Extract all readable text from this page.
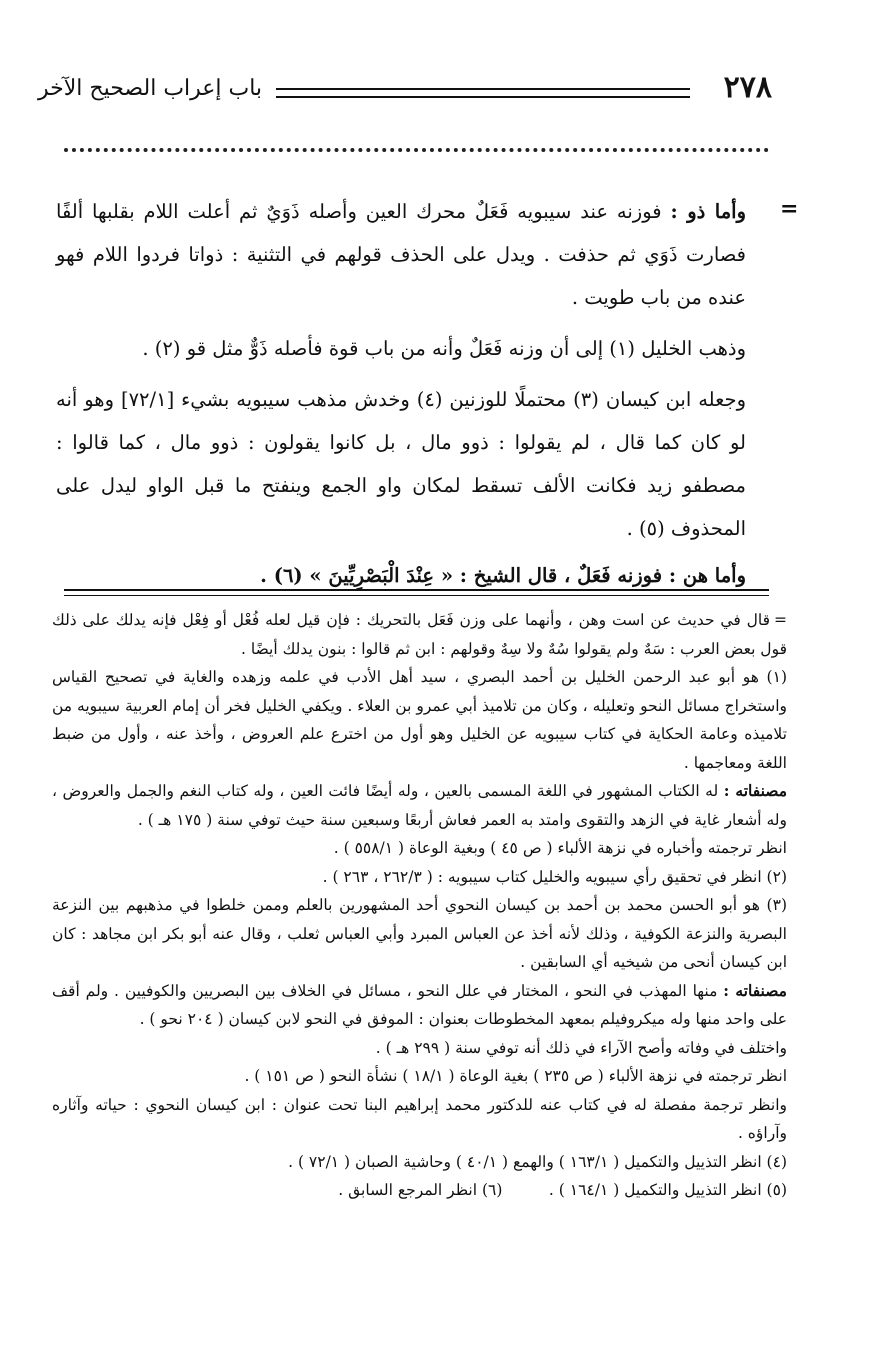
٢٧٨
باب إعراب الصحيح الآخر
=

وأما ذو : فوزنه عند سيبويه فَعَلٌ محرك العين وأصله ذَوَيٌ ثم أعلت اللام بقلبها ألفًا فصارت ذَوَي ثم حذفت . ويدل على الحذف قولهم في التثنية : ذواتا فردوا اللام فهو عنده من باب طويت .

وذهب الخليل (١) إلى أن وزنه فَعَلٌ وأنه من باب قوة فأصله ذَوٌّ مثل قو (٢) .

وجعله ابن كيسان (٣) محتملًا للوزنين (٤) وخدش مذهب سيبويه بشيء [٧٢/١] وهو أنه لو كان كما قال ، لم يقولوا : ذوو مال ، بل كانوا يقولون : ذوو مال ، كما قالوا : مصطفو زيد فكانت الألف تسقط لمكان واو الجمع وينفتح ما قبل الواو ليدل على المحذوف (٥) .

وأما هن : فوزنه فَعَلٌ ، قال الشيخ : « عِنْدَ الْبَصْرِيِّينَ » (٦) .

=قال في حديث عن است وهن ، وأنهما على وزن فَعَل بالتحريك : فإن قيل لعله فُعْل أو فِعْل فإنه يدلك على ذلك قول بعض العرب : سَهٌ ولم يقولوا سُهٌ ولا سِهٌ وقولهم : ابن ثم قالوا : بنون يدلك أيضًا .

(١) هو أبو عبد الرحمن الخليل بن أحمد البصري ، سيد أهل الأدب في علمه وزهده والغاية في تصحيح القياس واستخراج مسائل النحو وتعليله ، وكان من تلاميذ أبي عمرو بن العلاء . ويكفي الخليل فخر أن إمام العربية سيبويه من تلاميذه وعامة الحكاية في كتاب سيبويه عن الخليل وهو أول من اخترع علم العروض ، وأخذ عنه ، وأول من ضبط اللغة ومعاجمها .

مصنفاته : له الكتاب المشهور في اللغة المسمى بالعين ، وله أيضًا فائت العين ، وله كتاب النغم والجمل والعروض ، وله أشعار غاية في الزهد والتقوى وامتد به العمر فعاش أربعًا وسبعين سنة حيث توفي سنة ( ١٧٥ هـ ) .

انظر ترجمته وأخباره في نزهة الألباء ( ص ٤٥ ) وبغية الوعاة ( ٥٥٨/١ ) .

(٢) انظر في تحقيق رأي سيبويه والخليل كتاب سيبويه : ( ٢٦٢/٣ ، ٢٦٣ ) .

(٣) هو أبو الحسن محمد بن أحمد بن كيسان النحوي أحد المشهورين بالعلم وممن خلطوا في مذهبهم بين النزعة البصرية والنزعة الكوفية ، وذلك لأنه أخذ عن العباس المبرد وأبي العباس ثعلب ، وقال عنه أبو بكر ابن مجاهد : كان ابن كيسان أنحى من شيخيه أي السابقين .

مصنفاته : منها المهذب في النحو ، المختار في علل النحو ، مسائل في الخلاف بين البصريين والكوفيين . ولم أقف على واحد منها وله ميكروفيلم بمعهد المخطوطات بعنوان : الموفق في النحو لابن كيسان ( ٢٠٤ نحو ) .

واختلف في وفاته وأصح الآراء في ذلك أنه توفي سنة ( ٢٩٩ هـ ) .

انظر ترجمته في نزهة الألباء ( ص ٢٣٥ ) بغية الوعاة ( ١٨/١ ) نشأة النحو ( ص ١٥١ ) .

وانظر ترجمة مفصلة له في كتاب عنه للدكتور محمد إبراهيم البنا تحت عنوان : ابن كيسان النحوي : حياته وآثاره وآراؤه .

(٤) انظر التذييل والتكميل ( ١٦٣/١ ) والهمع ( ٤٠/١ ) وحاشية الصبان ( ٧٢/١ ) .

(٥) انظر التذييل والتكميل ( ١٦٤/١ ) .   (٦) انظر المرجع السابق .
